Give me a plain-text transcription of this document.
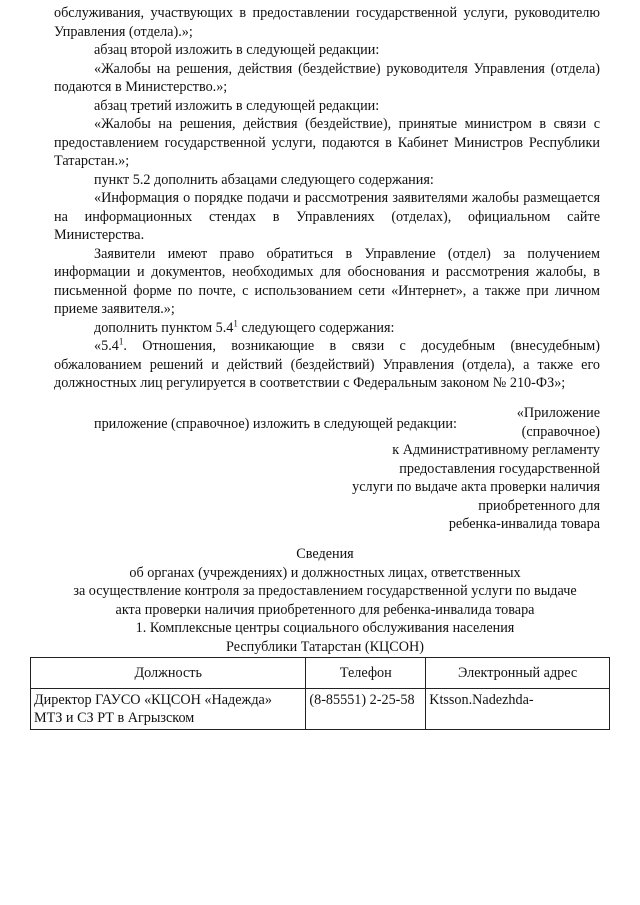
обслуживания, участвующих в предоставлении государственной услуги, руководителю Управления (отдела).»;

абзац второй изложить в следующей редакции:

«Жалобы на решения, действия (бездействие) руководителя Управления (отдела) подаются в Министерство.»;

абзац третий изложить в следующей редакции:

«Жалобы на решения, действия (бездействие), принятые министром в связи с предоставлением государственной услуги, подаются в Кабинет Министров Республики Татарстан.»;

пункт 5.2 дополнить абзацами следующего содержания:

«Информация о порядке подачи и рассмотрения заявителями жалобы размещается на информационных стендах в Управлениях (отделах), официальном сайте Министерства.

Заявители имеют право обратиться в Управление (отдел) за получением информации и документов, необходимых для обоснования и рассмотрения жалобы, в письменной форме по почте, с использованием сети «Интернет», а также при личном приеме заявителя.»;

дополнить пунктом $5.4^1$ следующего содержания:

«$5.4^1$. Отношения, возникающие в связи с досудебным (внесудебным) обжалованием решений и действий (бездействий) Управления (отдела), а также его должностных лиц регулируется в соответствии с Федеральным законом № 210-ФЗ»;

приложение (справочное) изложить в следующей редакции:

«Приложение
(справочное)
к Административному регламенту
предоставления государственной
услуги по выдаче акта проверки наличия
приобретенного для
ребенка-инвалида товара
Сведения
об органах (учреждениях) и должностных лицах, ответственных
за осуществление контроля за предоставлением государственной услуги по выдаче
акта проверки наличия приобретенного для ребенка-инвалида товара
1. Комплексные центры социального обслуживания населения
Республики Татарстан (КЦСОН)
Должность	Телефон	Электронный адрес
Директор ГАУСО «КЦСОН «Надежда» МТЗ и СЗ РТ в Агрызском	(8-85551) 2-25-58	Ktsson.Nadezhda-
